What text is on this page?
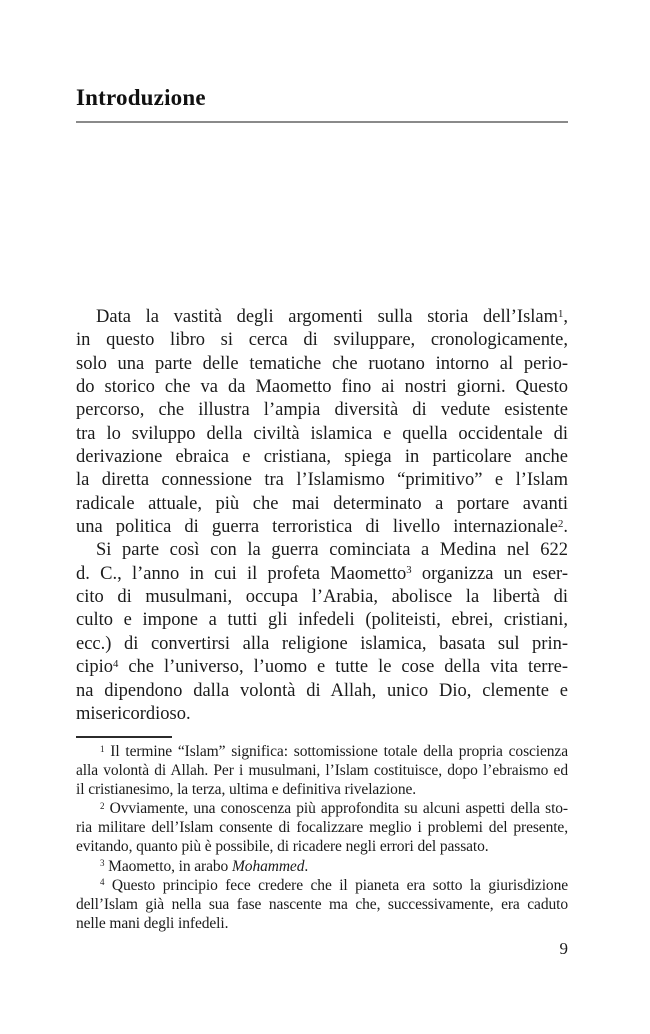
Introduzione
Data la vastità degli argomenti sulla storia dell’Islam$^1$,
in questo libro si cerca di sviluppare, cronologicamente,
solo una parte delle tematiche che ruotano intorno al perio-
do storico che va da Maometto fino ai nostri giorni. Questo
percorso, che illustra l’ampia diversità di vedute esistente
tra lo sviluppo della civiltà islamica e quella occidentale di
derivazione ebraica e cristiana, spiega in particolare anche
la diretta connessione tra l’Islamismo “primitivo” e l’Islam
radicale attuale, più che mai determinato a portare avanti
una politica di guerra terroristica di livello internazionale$^2$.
Si parte così con la guerra cominciata a Medina nel 622
d. C., l’anno in cui il profeta Maometto$^3$ organizza un eser-
cito di musulmani, occupa l’Arabia, abolisce la libertà di
culto e impone a tutti gli infedeli (politeisti, ebrei, cristiani,
ecc.) di convertirsi alla religione islamica, basata sul prin-
cipio$^4$ che l’universo, l’uomo e tutte le cose della vita terre-
na dipendono dalla volontà di Allah, unico Dio, clemente e
misericordioso.
$^1$ Il termine “Islam” significa: sottomissione totale della propria coscienza
alla volontà di Allah. Per i musulmani, l’Islam costituisce, dopo l’ebraismo ed
il cristianesimo, la terza, ultima e definitiva rivelazione.
$^2$ Ovviamente, una conoscenza più approfondita su alcuni aspetti della sto-
ria militare dell’Islam consente di focalizzare meglio i problemi del presente,
evitando, quanto più è possibile, di ricadere negli errori del passato.
$^3$ Maometto, in arabo Mohammed.
$^4$ Questo principio fece credere che il pianeta era sotto la giurisdizione
dell’Islam già nella sua fase nascente ma che, successivamente, era caduto
nelle mani degli infedeli.
9
